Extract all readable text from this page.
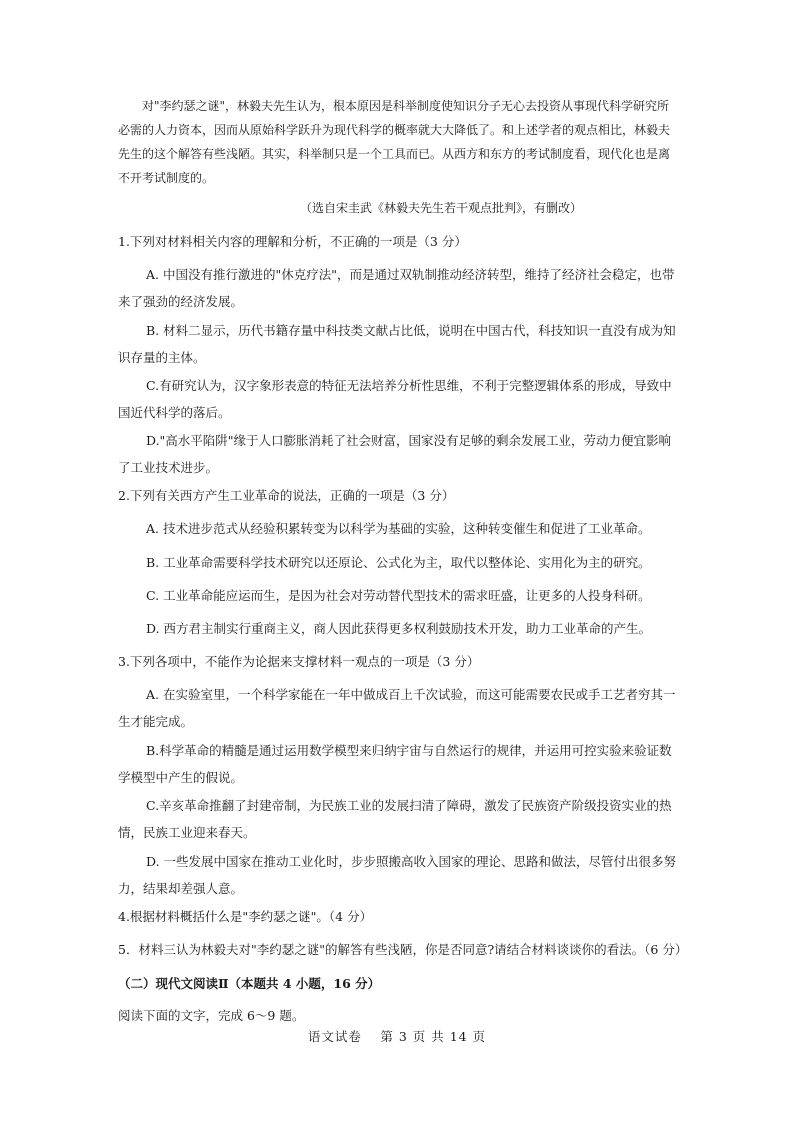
对"李约瑟之谜"，林毅夫先生认为，根本原因是科举制度使知识分子无心去投资从事现代科学研究所必需的人力资本，因而从原始科学跃升为现代科学的概率就大大降低了。和上述学者的观点相比，林毅夫先生的这个解答有些浅陋。其实，科举制只是一个工具而已。从西方和东方的考试制度看，现代化也是离不开考试制度的。

（选自宋圭武《林毅夫先生若干观点批判》，有删改）

1.下列对材料相关内容的理解和分析，不正确的一项是（3 分）

A. 中国没有推行激进的"休克疗法"，而是通过双轨制推动经济转型，维持了经济社会稳定，也带来了强劲的经济发展。

B. 材料二显示，历代书籍存量中科技类文献占比低，说明在中国古代，科技知识一直没有成为知识存量的主体。

C.有研究认为，汉字象形表意的特征无法培养分析性思维，不利于完整逻辑体系的形成，导致中国近代科学的落后。

D."高水平陷阱"缘于人口膨胀消耗了社会财富，国家没有足够的剩余发展工业，劳动力便宜影响了工业技术进步。

2.下列有关西方产生工业革命的说法，正确的一项是（3 分）

A. 技术进步范式从经验积累转变为以科学为基础的实验，这种转变催生和促进了工业革命。

B. 工业革命需要科学技术研究以还原论、公式化为主，取代以整体论、实用化为主的研究。

C. 工业革命能应运而生，是因为社会对劳动替代型技术的需求旺盛，让更多的人投身科研。

D. 西方君主制实行重商主义，商人因此获得更多权利鼓励技术开发，助力工业革命的产生。

3.下列各项中，不能作为论据来支撑材料一观点的一项是（3 分）

A. 在实验室里，一个科学家能在一年中做成百上千次试验，而这可能需要农民或手工艺者穷其一生才能完成。

B.科学革命的精髓是通过运用数学模型来归纳宇宙与自然运行的规律，并运用可控实验来验证数学模型中产生的假说。

C.辛亥革命推翻了封建帝制，为民族工业的发展扫清了障碍，激发了民族资产阶级投资实业的热情，民族工业迎来春天。

D. 一些发展中国家在推动工业化时，步步照搬高收入国家的理论、思路和做法，尽管付出很多努力，结果却差强人意。

4.根据材料概括什么是"李约瑟之谜"。（4 分）

5．材料三认为林毅夫对"李约瑟之谜"的解答有些浅陋，你是否同意?请结合材料谈谈你的看法。（6 分）

（二）现代文阅读Ⅱ（本题共 4 小题，16 分）
阅读下面的文字，完成 6～9 题。
语文试卷　 第 3 页 共 14 页
